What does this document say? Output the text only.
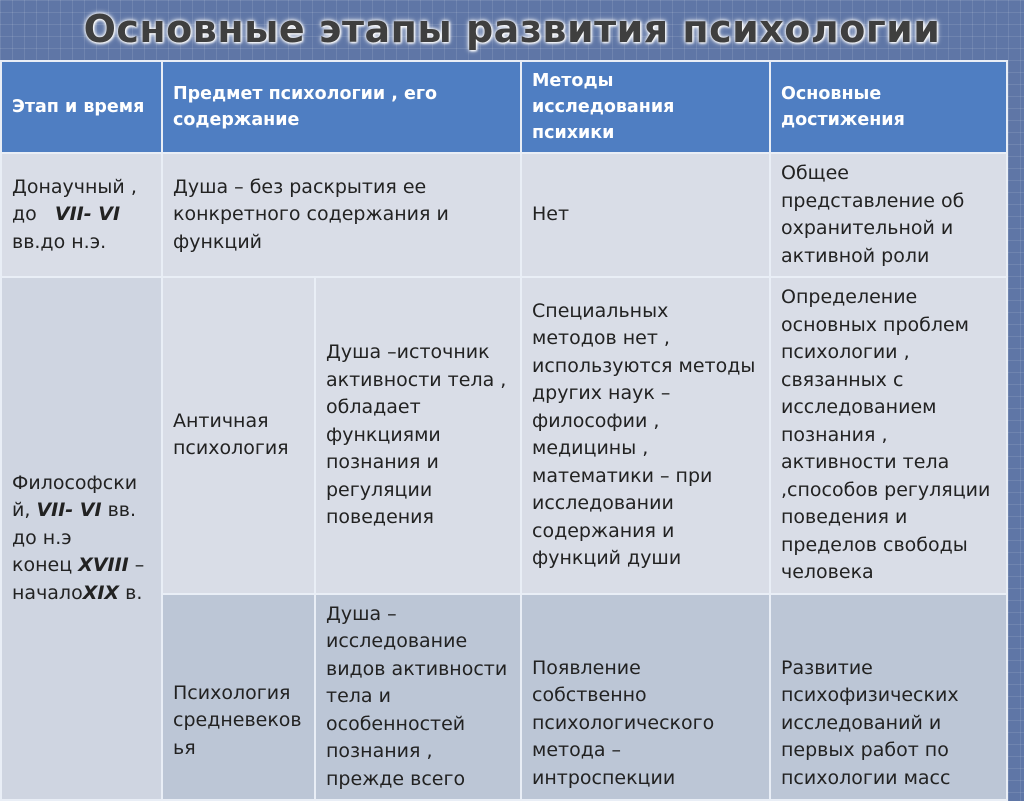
Основные этапы развития психологии
Этап и время	Предмет психологии , его содержание		Методы исследования психики	Основные достижения
Донаучный ,
до   VII- VI
вв.до н.э.	Душа – без раскрытия ее конкретного содержания и функций		Нет	Общее представление об охранительной и активной роли
Философски й, VII- VI вв. до н.э
конец XVIII –
началоXIX в.	Античная психология	Душа –источник активности тела , обладает функциями познания и регуляции поведения	Специальных методов нет , используются методы других наук – философии , медицины , математики – при исследовании содержания и функций души	Определение основных проблем психологии , связанных с исследованием познания , активности тела ,способов регуляции поведения и пределов свободы человека
	Психология средневеков ья	Душа – исследование видов активности тела и особенностей познания , прежде всего	Появление собственно психологического метода – интроспекции	Развитие психофизических исследований и первых работ по психологии масс
